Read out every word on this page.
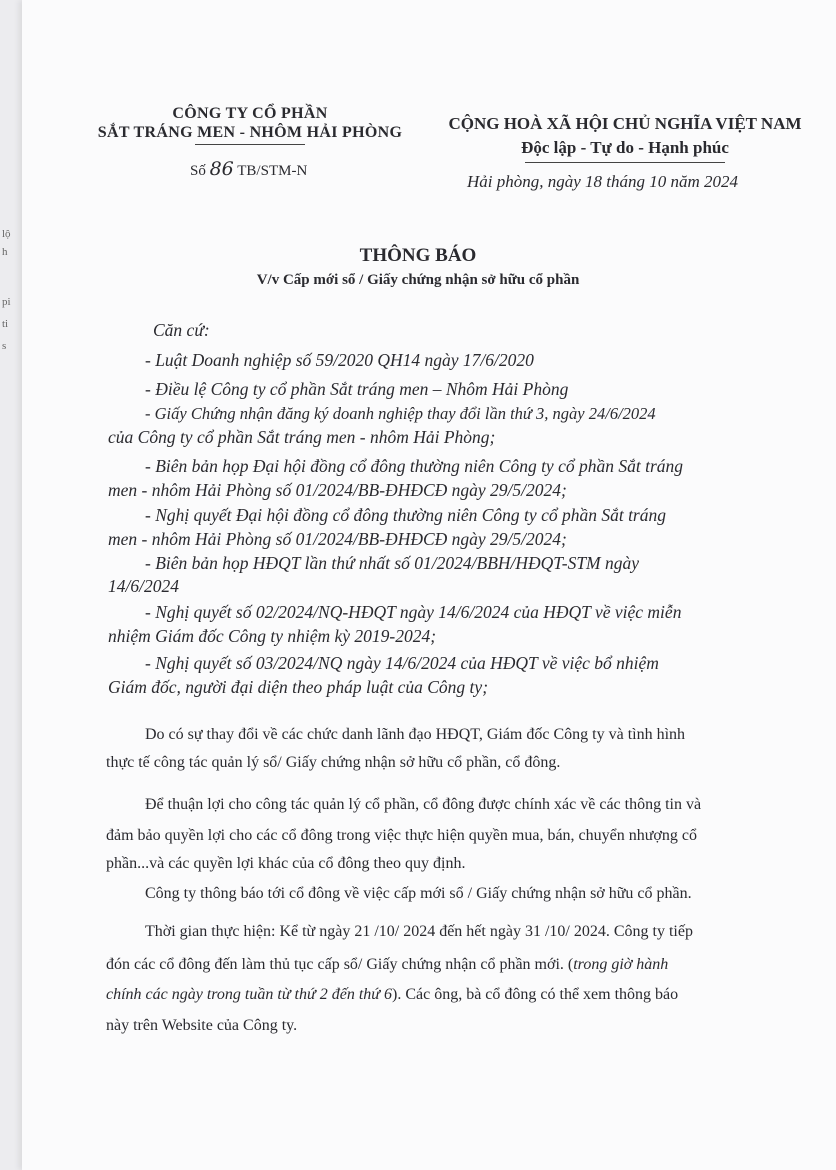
lộ
h
pi
ti
s
CÔNG TY CỔ PHẦN
SẮT TRÁNG MEN - NHÔM HẢI PHÒNG
Số 86 TB/STM-N
CỘNG HOÀ XÃ HỘI CHỦ NGHĨA VIỆT NAM
Độc lập - Tự do - Hạnh phúc
Hải phòng, ngày 18 tháng 10 năm 2024
THÔNG BÁO
V/v Cấp mới sổ / Giấy chứng nhận sở hữu cổ phần
Căn cứ:
- Luật Doanh nghiệp số 59/2020 QH14 ngày 17/6/2020
- Điều lệ Công ty cổ phần Sắt tráng men – Nhôm Hải Phòng
- Giấy Chứng nhận đăng ký doanh nghiệp thay đổi lần thứ 3, ngày 24/6/2024
của Công ty cổ phần Sắt tráng men - nhôm Hải Phòng;
- Biên bản họp Đại hội đồng cổ đông thường niên Công ty cổ phần Sắt tráng
men - nhôm Hải Phòng số 01/2024/BB-ĐHĐCĐ ngày 29/5/2024;
- Nghị quyết Đại hội đồng cổ đông thường niên Công ty cổ phần Sắt tráng
men - nhôm Hải Phòng số 01/2024/BB-ĐHĐCĐ ngày 29/5/2024;
- Biên bản họp HĐQT lần thứ nhất số 01/2024/BBH/HĐQT-STM ngày
14/6/2024
- Nghị quyết số 02/2024/NQ-HĐQT ngày 14/6/2024 của HĐQT về việc miễn
nhiệm Giám đốc Công ty nhiệm kỳ 2019-2024;
- Nghị quyết số 03/2024/NQ ngày 14/6/2024 của HĐQT về việc bổ nhiệm
Giám đốc, người đại diện theo pháp luật của Công ty;
Do có sự thay đổi về các chức danh lãnh đạo HĐQT, Giám đốc Công ty và tình hình
thực tế công tác quản lý sổ/ Giấy chứng nhận sở hữu cổ phần, cổ đông.
Để thuận lợi cho công tác quản lý cổ phần, cổ đông được chính xác về các thông tin và
đảm bảo quyền lợi cho các cổ đông trong việc thực hiện quyền mua, bán, chuyển nhượng cổ
phần...và các quyền lợi khác của cổ đông theo quy định.
Công ty thông báo tới cổ đông về việc cấp mới sổ / Giấy chứng nhận sở hữu cổ phần.
Thời gian thực hiện: Kể từ ngày 21 /10/ 2024 đến hết ngày 31 /10/ 2024. Công ty tiếp
đón các cổ đông đến làm thủ tục cấp sổ/ Giấy chứng nhận cổ phần mới. (trong giờ hành
chính các ngày trong tuần từ thứ 2 đến thứ 6). Các ông, bà cổ đông có thể xem thông báo
này trên Website của Công ty.
